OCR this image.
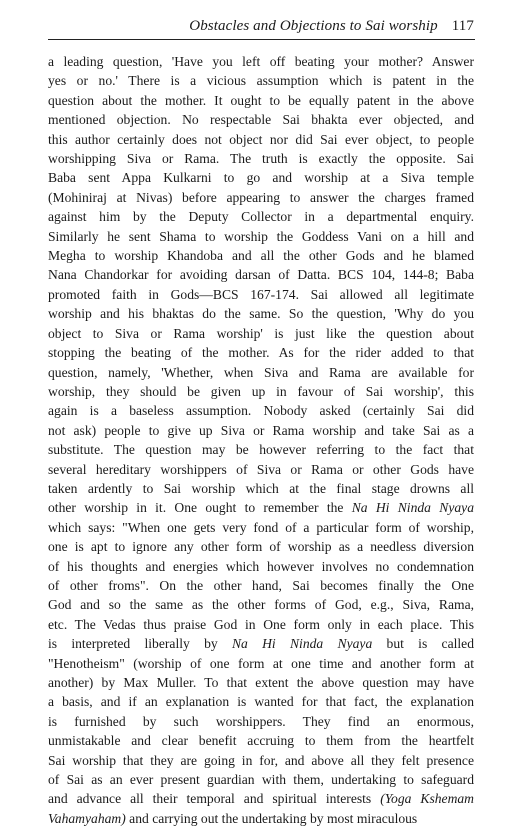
Obstacles and Objections to Sai worship 117
a leading question, 'Have you left off beating your mother? Answer
yes or no.' There is a vicious assumption which is patent in the
question about the mother. It ought to be equally patent in the above
mentioned objection. No respectable Sai bhakta ever objected, and
this author certainly does not object nor did Sai ever object, to people
worshipping Siva or Rama. The truth is exactly the opposite. Sai
Baba sent Appa Kulkarni to go and worship at a Siva temple
(Mohiniraj at Nivas) before appearing to answer the charges framed
against him by the Deputy Collector in a departmental enquiry.
Similarly he sent Shama to worship the Goddess Vani on a hill and
Megha to worship Khandoba and all the other Gods and he blamed
Nana Chandorkar for avoiding darsan of Datta. BCS 104, 144-8; Baba
promoted faith in Gods—BCS 167-174. Sai allowed all legitimate
worship and his bhaktas do the same. So the question, 'Why do you
object to Siva or Rama worship' is just like the question about
stopping the beating of the mother. As for the rider added to that
question, namely, 'Whether, when Siva and Rama are available for
worship, they should be given up in favour of Sai worship', this
again is a baseless assumption. Nobody asked (certainly Sai did
not ask) people to give up Siva or Rama worship and take Sai as a
substitute. The question may be however referring to the fact that
several hereditary worshippers of Siva or Rama or other Gods have
taken ardently to Sai worship which at the final stage drowns all
other worship in it. One ought to remember the Na Hi Ninda Nyaya
which says: "When one gets very fond of a particular form of worship,
one is apt to ignore any other form of worship as a needless diversion
of his thoughts and energies which however involves no condemnation
of other froms". On the other hand, Sai becomes finally the One
God and so the same as the other forms of God, e.g., Siva, Rama,
etc. The Vedas thus praise God in One form only in each place. This
is interpreted liberally by Na Hi Ninda Nyaya but is called
"Henotheism" (worship of one form at one time and another form at
another) by Max Muller. To that extent the above question may have
a basis, and if an explanation is wanted for that fact, the explanation
is furnished by such worshippers. They find an enormous,
unmistakable and clear benefit accruing to them from the heartfelt
Sai worship that they are going in for, and above all they felt presence
of Sai as an ever present guardian with them, undertaking to safeguard
and advance all their temporal and spiritual interests (Yoga Kshemam
Vahamyaham) and carrying out the undertaking by most miraculous
